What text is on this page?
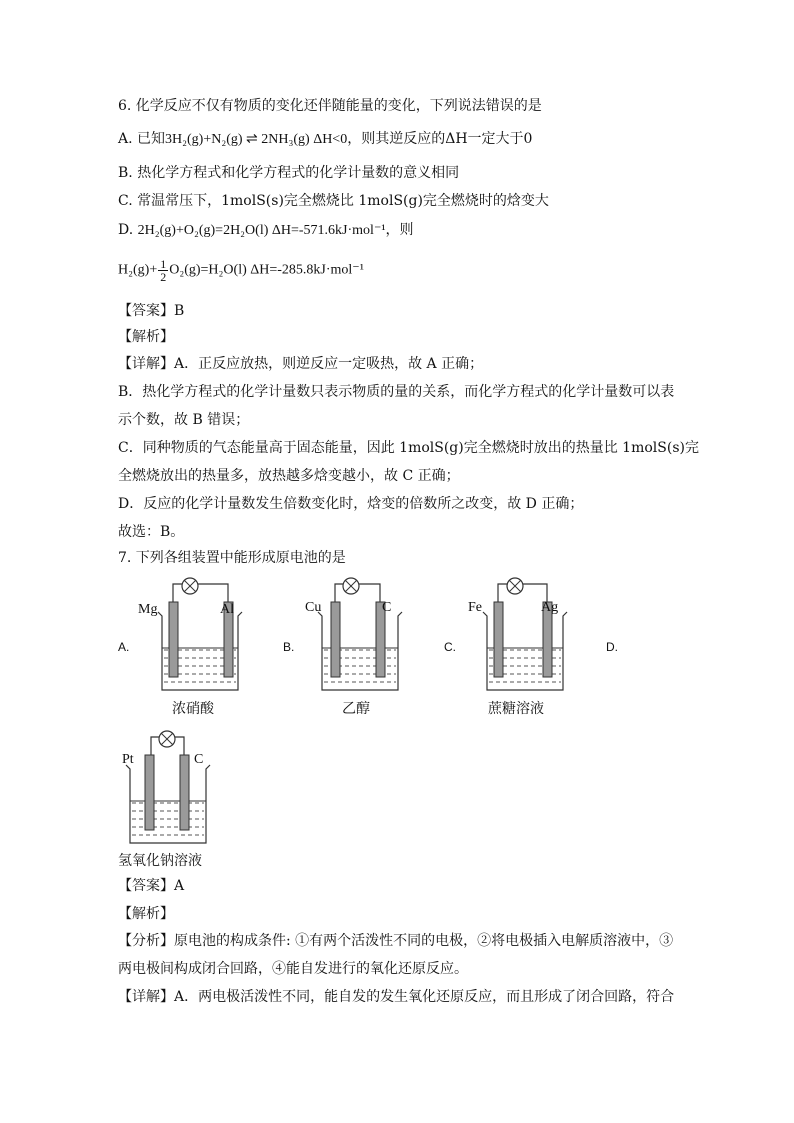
6. 化学反应不仅有物质的变化还伴随能量的变化，下列说法错误的是
A. 已知3H₂(g)+N₂(g) ⇌ 2NH₃(g) ΔH<0，则其逆反应的ΔH一定大于0
B. 热化学方程式和化学方程式的化学计量数的意义相同
C. 常温常压下，1molS(s)完全燃烧比 1molS(g)完全燃烧时的焓变大
D. 2H₂(g)+O₂(g)=2H₂O(l) ΔH=-571.6kJ·mol⁻¹，则
$H_2(g)+ \frac{1}{2} O_2(g)=H_2O(l)$ ΔH=-285.8kJ·mol⁻¹
【答案】B
【解析】
【详解】A．正反应放热，则逆反应一定吸热，故 A 正确；
B．热化学方程式的化学计量数只表示物质的量的关系，而化学方程式的化学计量数可以表
示个数，故 B 错误；
C．同种物质的气态能量高于固态能量，因此 1molS(g)完全燃烧时放出的热量比 1molS(s)完
全燃烧放出的热量多，放热越多焓变越小，故 C 正确；
D．反应的化学计量数发生倍数变化时，焓变的倍数所之改变，故 D 正确；
故选：B。
7. 下列各组装置中能形成原电池的是
A.
Mg	Al
浓硝酸
B.
Cu	C
乙醇
C.
Fe	Ag
蔗糖溶液
D.
Pt	C
氢氧化钠溶液
【答案】A
【解析】
【分析】原电池的构成条件: ①有两个活泼性不同的电极，②将电极插入电解质溶液中，③
两电极间构成闭合回路，④能自发进行的氧化还原反应。
【详解】A．两电极活泼性不同，能自发的发生氧化还原反应，而且形成了闭合回路，符合
